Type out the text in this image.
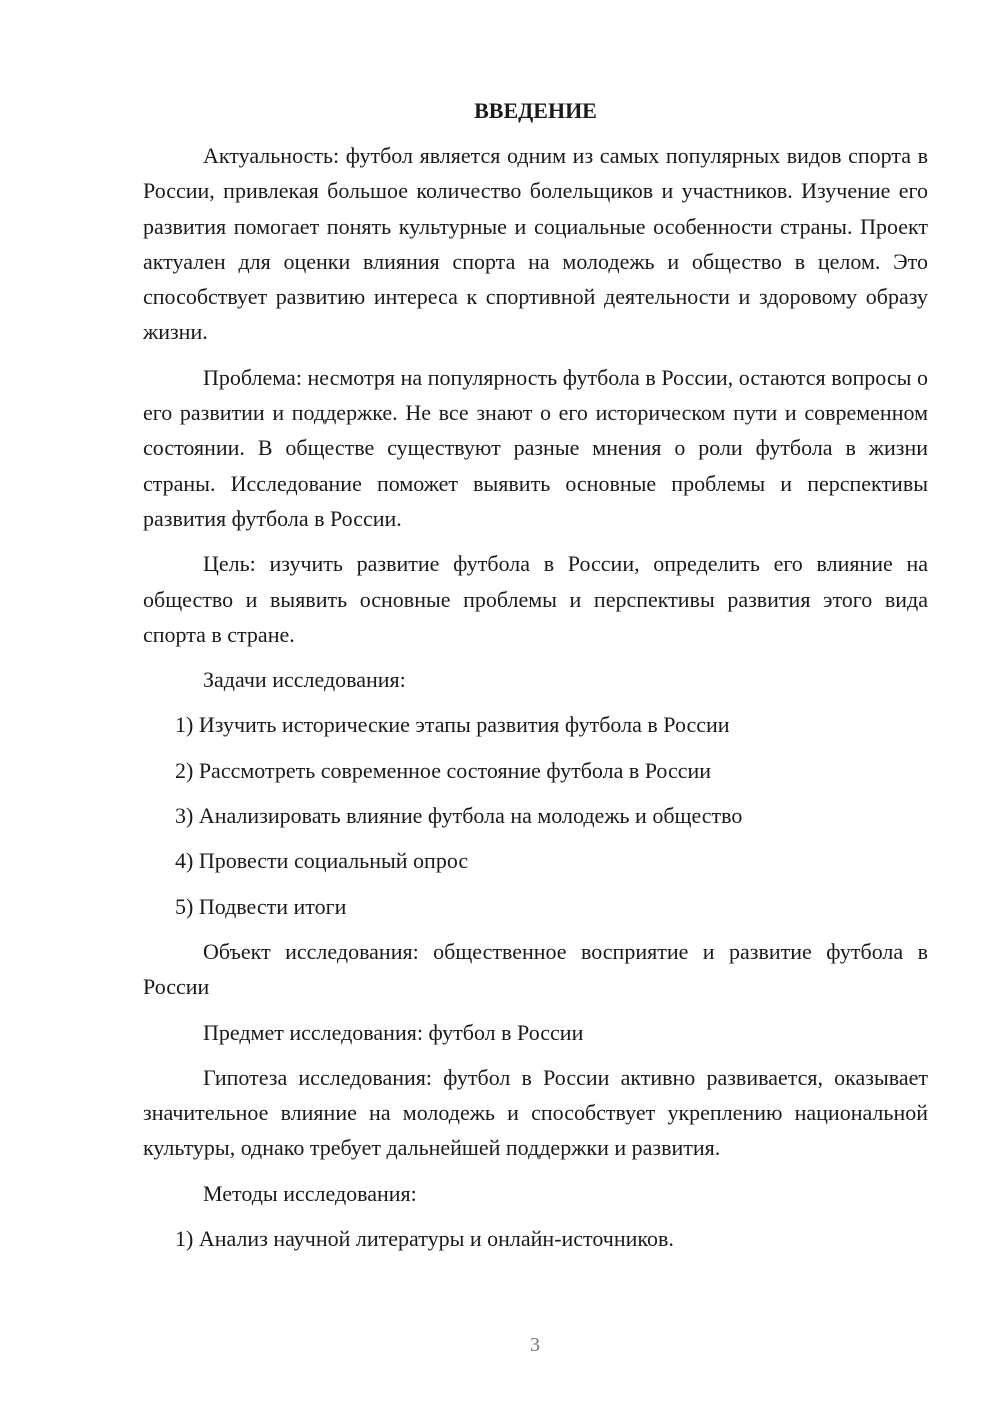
ВВЕДЕНИЕ

Актуальность: футбол является одним из самых популярных видов спорта в России, привлекая большое количество болельщиков и участников. Изучение его развития помогает понять культурные и социальные особенности страны. Проект актуален для оценки влияния спорта на молодежь и общество в целом. Это способствует развитию интереса к спортивной деятельности и здоровому образу жизни.

Проблема: несмотря на популярность футбола в России, остаются вопросы о его развитии и поддержке. Не все знают о его историческом пути и современном состоянии. В обществе существуют разные мнения о роли футбола в жизни страны. Исследование поможет выявить основные проблемы и перспективы развития футбола в России.

Цель: изучить развитие футбола в России, определить его влияние на общество и выявить основные проблемы и перспективы развития этого вида спорта в стране.

Задачи исследования:

1) Изучить исторические этапы развития футбола в России
2) Рассмотреть современное состояние футбола в России
3) Анализировать влияние футбола на молодежь и общество
4) Провести социальный опрос
5) Подвести итоги

Объект исследования: общественное восприятие и развитие футбола в России

Предмет исследования: футбол в России

Гипотеза исследования: футбол в России активно развивается, оказывает значительное влияние на молодежь и способствует укреплению национальной культуры, однако требует дальнейшей поддержки и развития.

Методы исследования:

1) Анализ научной литературы и онлайн-источников.
3
